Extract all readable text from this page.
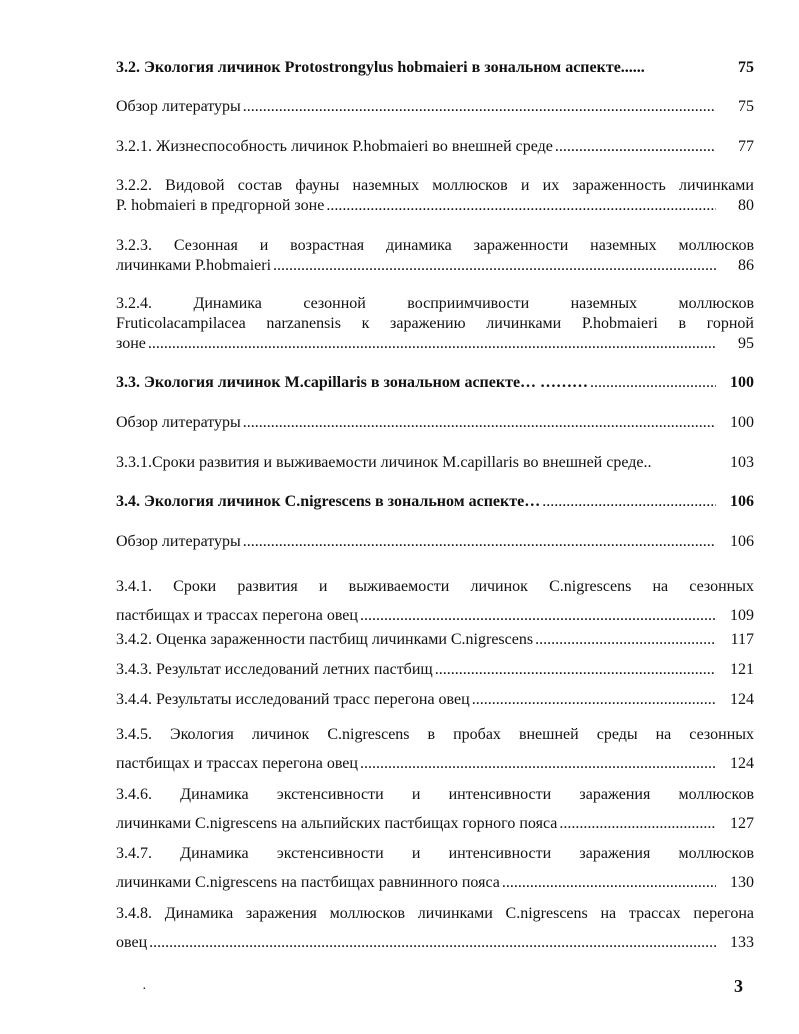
3.2. Экология личинок Protostrongylus hobmaieri в зональном аспекте......	75
Обзор литературы .....	75
3.2.1. Жизнеспособность личинок P.hobmaieri во внешней среде .....	77
3.2.2. Видовой состав фауны наземных моллюсков и их зараженность личинками
P. hobmaieri в предгорной зоне .....	80
3.2.3. Сезонная и возрастная динамика зараженности наземных моллюсков
личинками P.hobmaieri .....	86
3.2.4. Динамика сезонной восприимчивости наземных моллюсков
Fruticolacampilacea narzanensis к заражению личинками P.hobmaieri в горной
зоне .....	95
3.3. Экология личинок M.capillaris в зональном аспекте… ……… .....	100
Обзор литературы .....	100
3.3.1.Сроки развития и выживаемости личинок M.capillaris во внешней среде..	103
3.4. Экология личинок C.nigrescens в зональном аспекте… .....	106
Обзор литературы .....	106
3.4.1. Сроки развития и выживаемости личинок C.nigrescens на сезонных
пастбищах и трассах перегона овец .....	109
3.4.2. Оценка зараженности пастбищ личинками C.nigrescens .....	117
3.4.3. Результат исследований летних пастбищ .....	121
3.4.4. Результаты исследований трасс перегона овец .....	124
3.4.5. Экология личинок C.nigrescens в пробах внешней среды на сезонных
пастбищах и трассах перегона овец .....	124
3.4.6. Динамика экстенсивности и интенсивности заражения моллюсков
личинками C.nigrescens на альпийских пастбищах горного пояса .....	127
3.4.7. Динамика экстенсивности и интенсивности заражения моллюсков
личинками C.nigrescens на пастбищах равнинного пояса .....	130
3.4.8. Динамика заражения моллюсков личинками C.nigrescens на трассах перегона
овец .....	133
·	3
